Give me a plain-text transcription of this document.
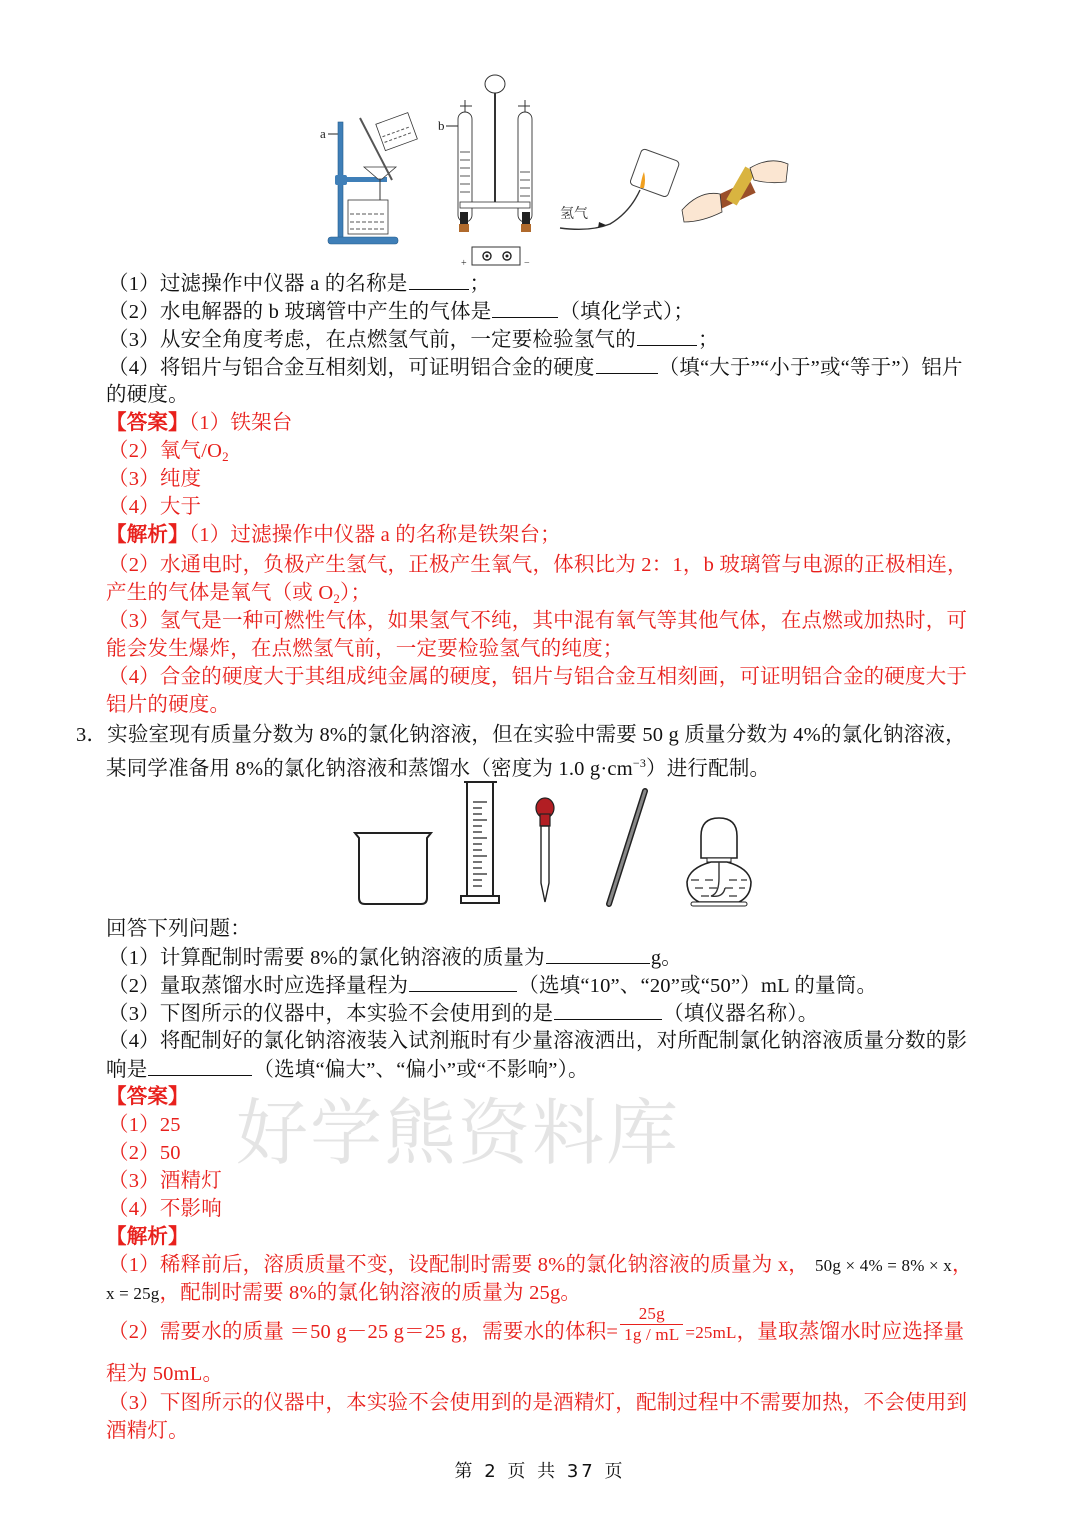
好学熊资料库
a
b
+	−
氢气
（1）过滤操作中仪器 a 的名称是	；
（2）水电解器的 b 玻璃管中产生的气体是	（填化学式）；
（3）从安全角度考虑，在点燃氢气前，一定要检验氢气的	；
（4）将铝片与铝合金互相刻划，可证明铝合金的硬度	（填“大于”“小于”或“等于”）铝片
的硬度。
【答案】（1）铁架台
（2）氧气$/O_2$
（3）纯度
（4）大于
【解析】（1）过滤操作中仪器 a 的名称是铁架台；
（2）水通电时，负极产生氢气，正极产生氧气，体积比为 2：1，b 玻璃管与电源的正极相连，
产生的气体是氧气（或 $O_2$）；
（3）氢气是一种可燃性气体，如果氢气不纯，其中混有氧气等其他气体，在点燃或加热时，可
能会发生爆炸，在点燃氢气前，一定要检验氢气的纯度；
（4）合金的硬度大于其组成纯金属的硬度，铝片与铝合金互相刻画，可证明铝合金的硬度大于
铝片的硬度。
3．实验室现有质量分数为 8%的氯化钠溶液，但在实验中需要 50 g 质量分数为 4%的氯化钠溶液，
某同学准备用 8%的氯化钠溶液和蒸馏水（密度为 1.0 $g\cdot cm^{-3}$）进行配制。
回答下列问题：
（1）计算配制时需要 8%的氯化钠溶液的质量为	g。
（2）量取蒸馏水时应选择量程为	（选填“10”、“20”或“50”）mL 的量筒。
（3）下图所示的仪器中，本实验不会使用到的是	（填仪器名称）。
（4）将配制好的氯化钠溶液装入试剂瓶时有少量溶液洒出，对所配制氯化钠溶液质量分数的影
响是	（选填“偏大”、“偏小”或“不影响”）。
【答案】
（1）25
（2）50
（3）酒精灯
（4）不影响
【解析】
（1）稀释前后，溶质质量不变，设配制时需要 8%的氯化钠溶液的质量为 x， 50g × 4% = 8% × x，
x = 25g，配制时需要 8%的氯化钠溶液的质量为 25g。
（2）需要水的质量 ＝50 g－25 g＝25 g，需要水的体积= $\frac{25g}{1g / mL} =25mL$，量取蒸馏水时应选择量
程为 50mL。
（3）下图所示的仪器中，本实验不会使用到的是酒精灯，配制过程中不需要加热，不会使用到
酒精灯。
第 2 页 共 37 页
